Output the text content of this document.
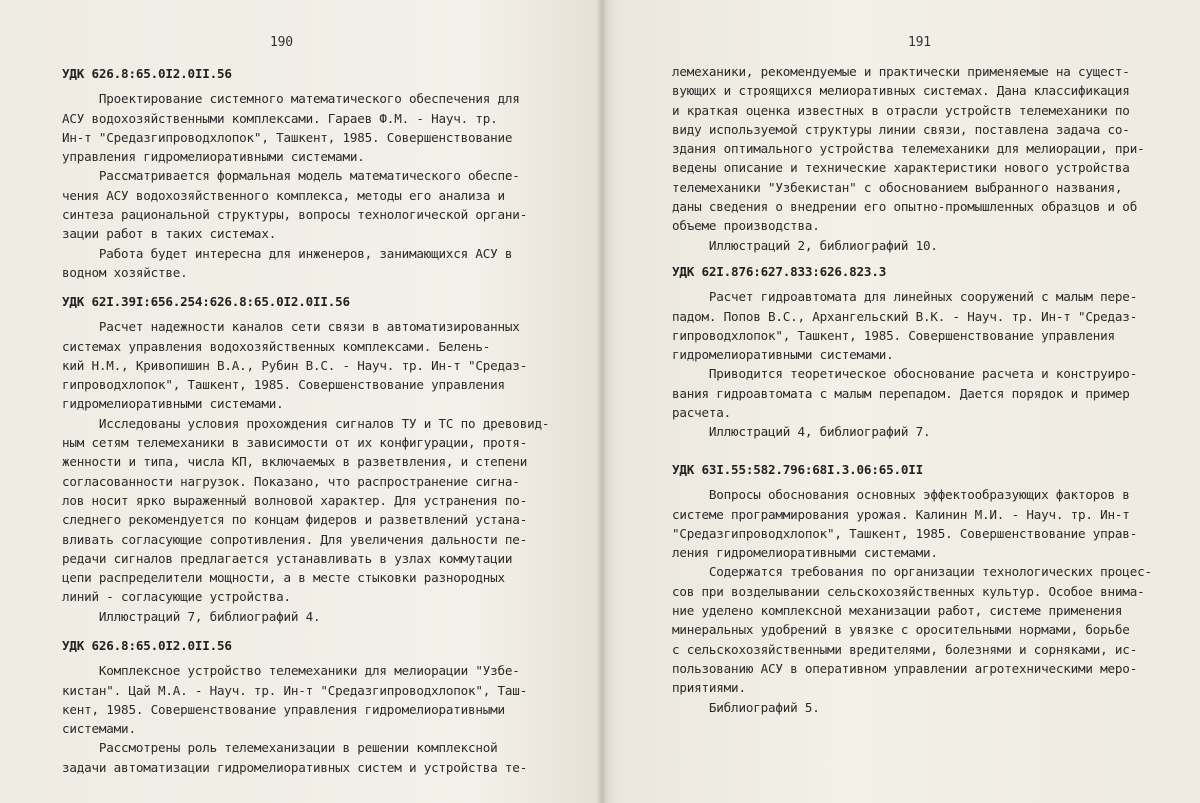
190
УДК 626.8:65.0I2.0II.56
Проектирование системного математического обеспечения для
АСУ водохозяйственными комплексами. Гараев Ф.М. - Науч. тр.
Ин-т "Средазгипроводхлопок", Ташкент, 1985. Совершенствование
управления гидромелиоративными системами.
Рассматривается формальная модель математического обеспе-
чения АСУ водохозяйственного комплекса, методы его анализа и
синтеза рациональной структуры, вопросы технологической органи-
зации работ в таких системах.
Работа будет интересна для инженеров, занимающихся АСУ в
водном хозяйстве.
УДК 62I.39I:656.254:626.8:65.0I2.0II.56
Расчет надежности каналов сети связи в автоматизированных
системах управления водохозяйственных комплексами. Белень-
кий Н.М., Кривопишин В.А., Рубин В.С. - Науч. тр. Ин-т "Средаз-
гипроводхлопок", Ташкент, 1985. Совершенствование управления
гидромелиоративными системами.
Исследованы условия прохождения сигналов ТУ и ТС по древовид-
ным сетям телемеханики в зависимости от их конфигурации, протя-
женности и типа, числа КП, включаемых в разветвления, и степени
согласованности нагрузок. Показано, что распространение сигна-
лов носит ярко выраженный волновой характер. Для устранения по-
следнего рекомендуется по концам фидеров и разветвлений устана-
вливать согласующие сопротивления. Для увеличения дальности пе-
редачи сигналов предлагается устанавливать в узлах коммутации
цепи распределители мощности, а в месте стыковки разнородных
линий - согласующие устройства.
Иллюстраций 7, библиографий 4.
УДК 626.8:65.0I2.0II.56
Комплексное устройство телемеханики для мелиорации "Узбе-
кистан". Цай М.А. - Науч. тр. Ин-т "Средазгипроводхлопок", Таш-
кент, 1985. Совершенствование управления гидромелиоративными
системами.
Рассмотрены роль телемеханизации в решении комплексной
задачи автоматизации гидромелиоративных систем и устройства те-
191
лемеханики, рекомендуемые и практически применяемые на сущест-
вующих и строящихся мелиоративных системах. Дана классификация
и краткая оценка известных в отрасли устройств телемеханики по
виду используемой структуры линии связи, поставлена задача со-
здания оптимального устройства телемеханики для мелиорации, при-
ведены описание и технические характеристики нового устройства
телемеханики "Узбекистан" с обоснованием выбранного названия,
даны сведения о внедрении его опытно-промышленных образцов и об
объеме производства.
Иллюстраций 2, библиографий 10.
УДК 62I.876:627.833:626.823.3
Расчет гидроавтомата для линейных сооружений с малым пере-
падом. Попов В.С., Архангельский В.К. - Науч. тр. Ин-т "Средаз-
гипроводхлопок", Ташкент, 1985. Совершенствование управления
гидромелиоративными системами.
Приводится теоретическое обоснование расчета и конструиро-
вания гидроавтомата с малым перепадом. Дается порядок и пример
расчета.
Иллюстраций 4, библиографий 7.
УДК 63I.55:582.796:68I.3.06:65.0II
Вопросы обоснования основных эффектообразующих факторов в
системе программирования урожая. Калинин М.И. - Науч. тр. Ин-т
"Средазгипроводхлопок", Ташкент, 1985. Совершенствование управ-
ления гидромелиоративными системами.
Содержатся требования по организации технологических процес-
сов при возделывании сельскохозяйственных культур. Особое внима-
ние уделено комплексной механизации работ, системе применения
минеральных удобрений в увязке с оросительными нормами, борьбе
с сельскохозяйственными вредителями, болезнями и сорняками, ис-
пользованию АСУ в оперативном управлении агротехническими меро-
приятиями.
Библиографий 5.
